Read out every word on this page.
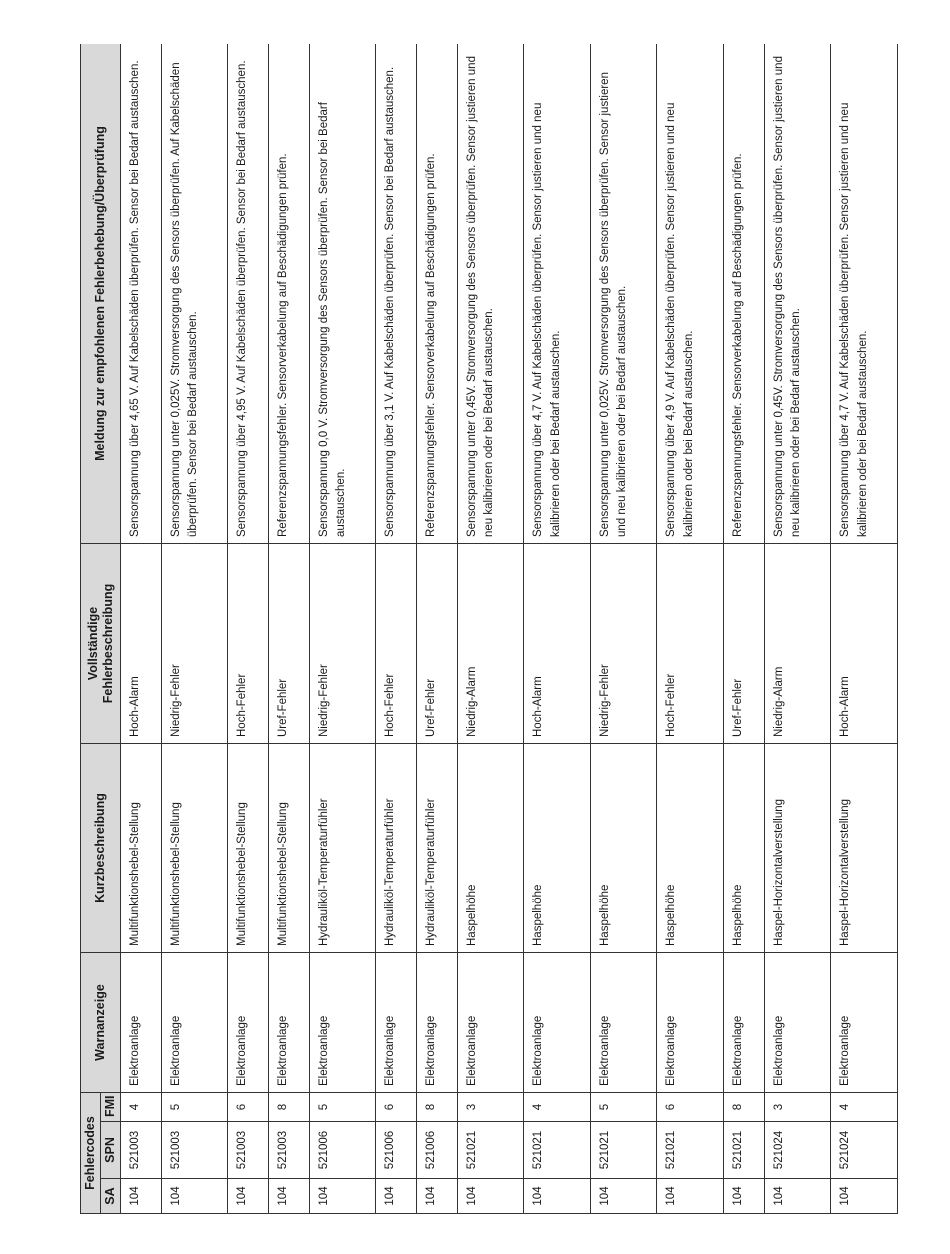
Fehlercodes			Warnanzeige	Kurzbeschreibung	Vollständige Fehlerbeschreibung	Meldung zur empfohlenen Fehlerbehebung/Überprüfung
SA	SPN	FMI				
104	521003	4	Elektroanlage	Multifunktionshebel-Stellung	Hoch-Alarm	Sensorspannung über 4,65 V. Auf Kabelschäden überprüfen. Sensor bei Bedarf austauschen.
104	521003	5	Elektroanlage	Multifunktionshebel-Stellung	Niedrig-Fehler	Sensorspannung unter 0,025V. Stromversorgung des Sensors überprüfen. Auf Kabelschäden überprüfen. Sensor bei Bedarf austauschen.
104	521003	6	Elektroanlage	Multifunktionshebel-Stellung	Hoch-Fehler	Sensorspannung über 4,95 V. Auf Kabelschäden überprüfen. Sensor bei Bedarf austauschen.
104	521003	8	Elektroanlage	Multifunktionshebel-Stellung	Uref-Fehler	Referenzspannungsfehler. Sensorverkabelung auf Beschädigungen prüfen.
104	521006	5	Elektroanlage	Hydrauliköl-Temperaturfühler	Niedrig-Fehler	Sensorspannung 0,0 V. Stromversorgung des Sensors überprüfen. Sensor bei Bedarf austauschen.
104	521006	6	Elektroanlage	Hydrauliköl-Temperaturfühler	Hoch-Fehler	Sensorspannung über 3,1 V. Auf Kabelschäden überprüfen. Sensor bei Bedarf austauschen.
104	521006	8	Elektroanlage	Hydrauliköl-Temperaturfühler	Uref-Fehler	Referenzspannungsfehler. Sensorverkabelung auf Beschädigungen prüfen.
104	521021	3	Elektroanlage	Haspelhöhe	Niedrig-Alarm	Sensorspannung unter 0,45V. Stromversorgung des Sensors überprüfen. Sensor justieren und neu kalibrieren oder bei Bedarf austauschen.
104	521021	4	Elektroanlage	Haspelhöhe	Hoch-Alarm	Sensorspannung über 4,7 V. Auf Kabelschäden überprüfen. Sensor justieren und neu kalibrieren oder bei Bedarf austauschen.
104	521021	5	Elektroanlage	Haspelhöhe	Niedrig-Fehler	Sensorspannung unter 0,025V. Stromversorgung des Sensors überprüfen. Sensor justieren und neu kalibrieren oder bei Bedarf austauschen.
104	521021	6	Elektroanlage	Haspelhöhe	Hoch-Fehler	Sensorspannung über 4,9 V. Auf Kabelschäden überprüfen. Sensor justieren und neu kalibrieren oder bei Bedarf austauschen.
104	521021	8	Elektroanlage	Haspelhöhe	Uref-Fehler	Referenzspannungsfehler. Sensorverkabelung auf Beschädigungen prüfen.
104	521024	3	Elektroanlage	Haspel-Horizontalverstellung	Niedrig-Alarm	Sensorspannung unter 0,45V. Stromversorgung des Sensors überprüfen. Sensor justieren und neu kalibrieren oder bei Bedarf austauschen.
104	521024	4	Elektroanlage	Haspel-Horizontalverstellung	Hoch-Alarm	Sensorspannung über 4,7 V. Auf Kabelschäden überprüfen. Sensor justieren und neu kalibrieren oder bei Bedarf austauschen.
